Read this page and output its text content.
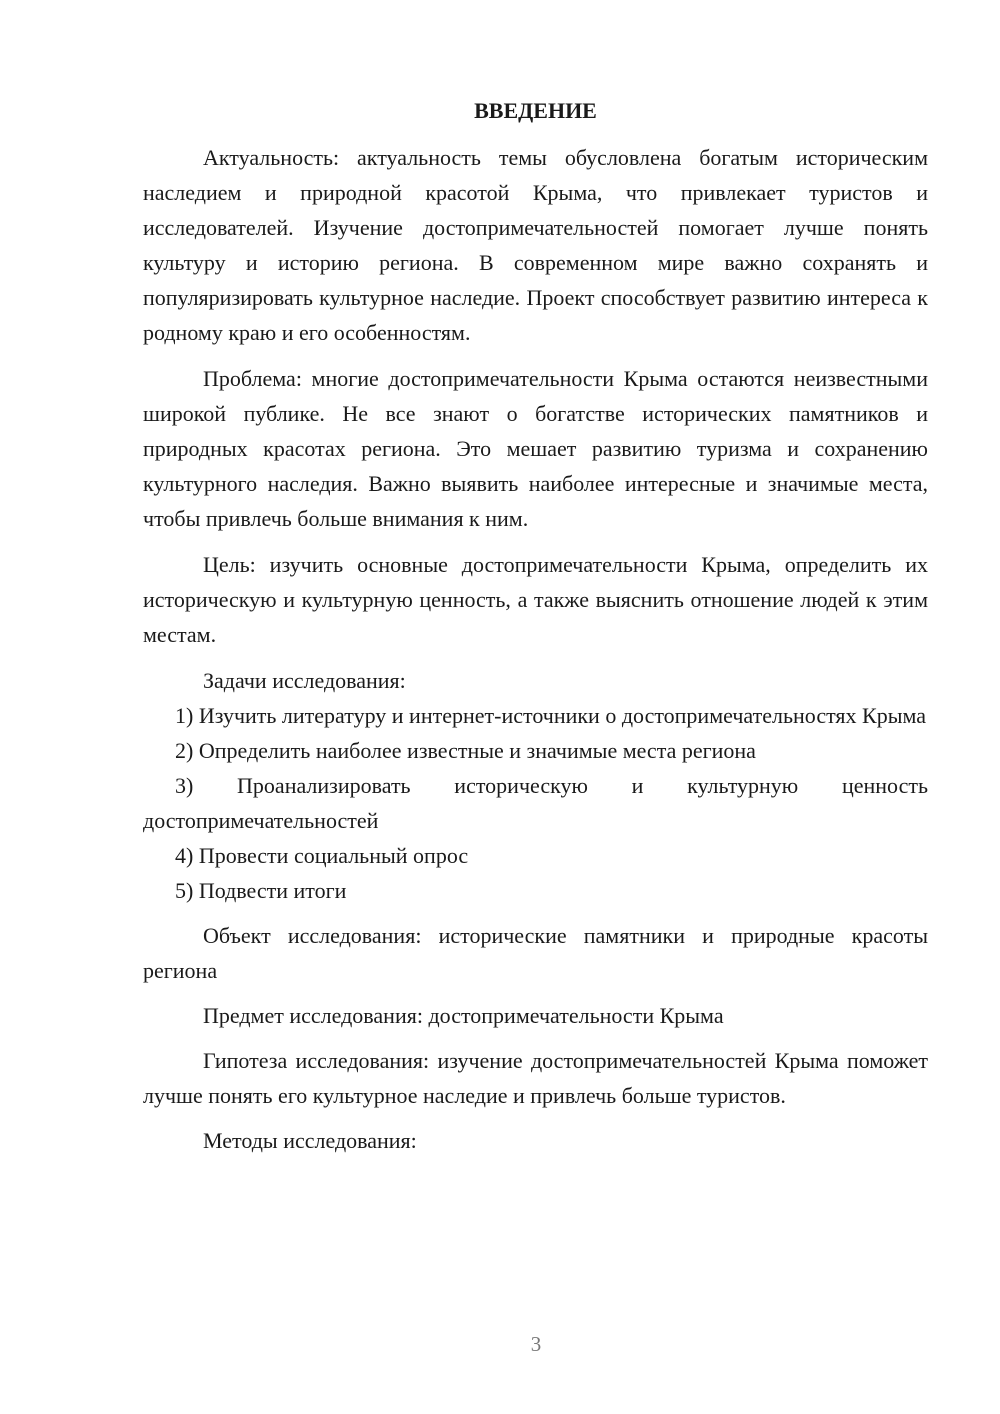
ВВЕДЕНИЕ

Актуальность: актуальность темы обусловлена богатым историческим наследием и природной красотой Крыма, что привлекает туристов и исследователей. Изучение достопримечательностей помогает лучше понять культуру и историю региона. В современном мире важно сохранять и популяризировать культурное наследие. Проект способствует развитию интереса к родному краю и его особенностям.

Проблема: многие достопримечательности Крыма остаются неизвестными широкой публике. Не все знают о богатстве исторических памятников и природных красотах региона. Это мешает развитию туризма и сохранению культурного наследия. Важно выявить наиболее интересные и значимые места, чтобы привлечь больше внимания к ним.

Цель: изучить основные достопримечательности Крыма, определить их историческую и культурную ценность, а также выяснить отношение людей к этим местам.

Задачи исследования:

1) Изучить литературу и интернет-источники о достопримечательностях Крыма

2) Определить наиболее известные и значимые места региона

3) Проанализировать историческую и культурную ценность достопримечательностей

4) Провести социальный опрос

5) Подвести итоги

Объект исследования: исторические памятники и природные красоты региона

Предмет исследования: достопримечательности Крыма

Гипотеза исследования: изучение достопримечательностей Крыма поможет лучше понять его культурное наследие и привлечь больше туристов.

Методы исследования:

3
